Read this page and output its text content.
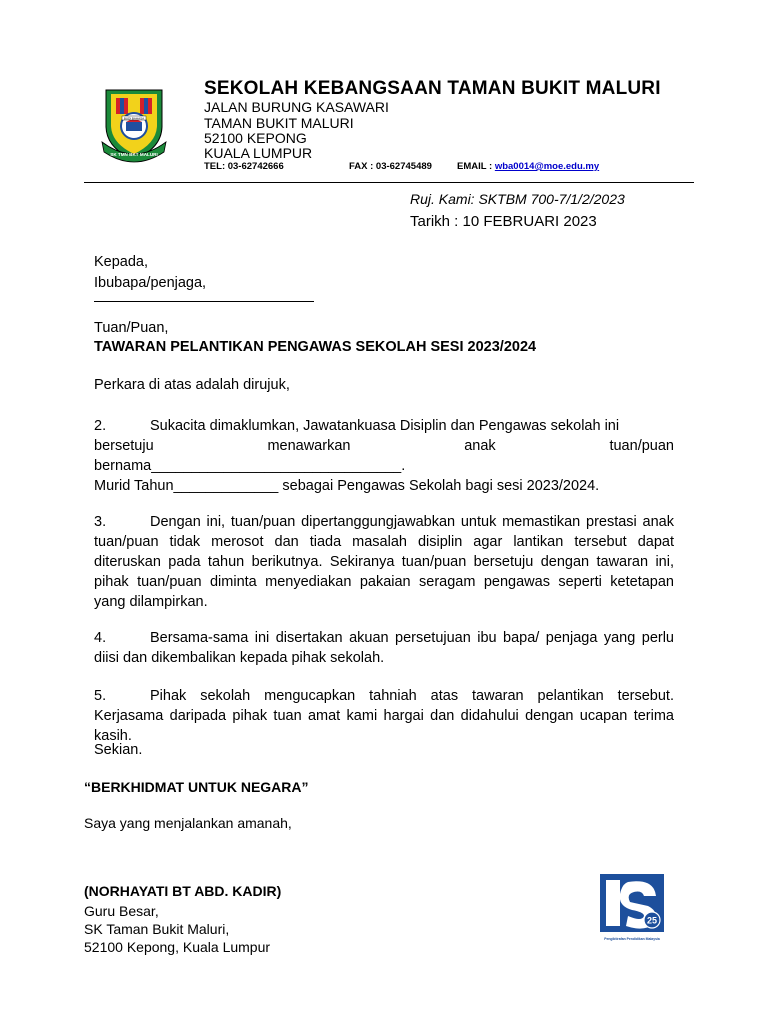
SK TMN BKT MALURI
BUDI BAHASA
SEKOLAH KEBANGSAAN TAMAN BUKIT MALURI
JALAN BURUNG KASAWARI
TAMAN BUKIT MALURI
52100 KEPONG
KUALA LUMPUR
TEL: 03-62742666	FAX : 03-62745489	EMAIL : wba0014@moe.edu.my
Ruj. Kami: SKTBM 700-7/1/2/2023
Tarikh : 10 FEBRUARI 2023
Kepada,
Ibubapa/penjaga,
Tuan/Puan,
TAWARAN PELANTIKAN PENGAWAS SEKOLAH SESI 2023/2024
Perkara di atas adalah dirujuk,
2.	Sukacita dimaklumkan, Jawatankuasa Disiplin dan Pengawas sekolah ini
bersetuju	menawarkan	anak	tuan/puan
bernama_______________________________.
Murid Tahun_____________ sebagai Pengawas Sekolah bagi sesi 2023/2024.
3.	Dengan ini, tuan/puan dipertanggungjawabkan untuk memastikan prestasi anak tuan/puan tidak merosot dan tiada masalah disiplin agar lantikan tersebut dapat diteruskan pada tahun berikutnya. Sekiranya tuan/puan bersetuju dengan tawaran ini, pihak tuan/puan diminta menyediakan pakaian seragam pengawas seperti ketetapan yang dilampirkan.
4.	Bersama-sama ini disertakan akuan persetujuan ibu bapa/ penjaga yang perlu diisi dan dikembalikan kepada pihak sekolah.
5.	Pihak sekolah mengucapkan tahniah atas tawaran pelantikan tersebut. Kerjasama daripada pihak tuan amat kami hargai dan didahului dengan ucapan terima kasih.
Sekian.
“BERKHIDMAT UNTUK NEGARA”
Saya yang menjalankan amanah,
(NORHAYATI BT ABD. KADIR)
Guru Besar,
SK Taman Bukit Maluri,
52100 Kepong, Kuala Lumpur
25
Pengiktirafan Pendidikan Malaysia
